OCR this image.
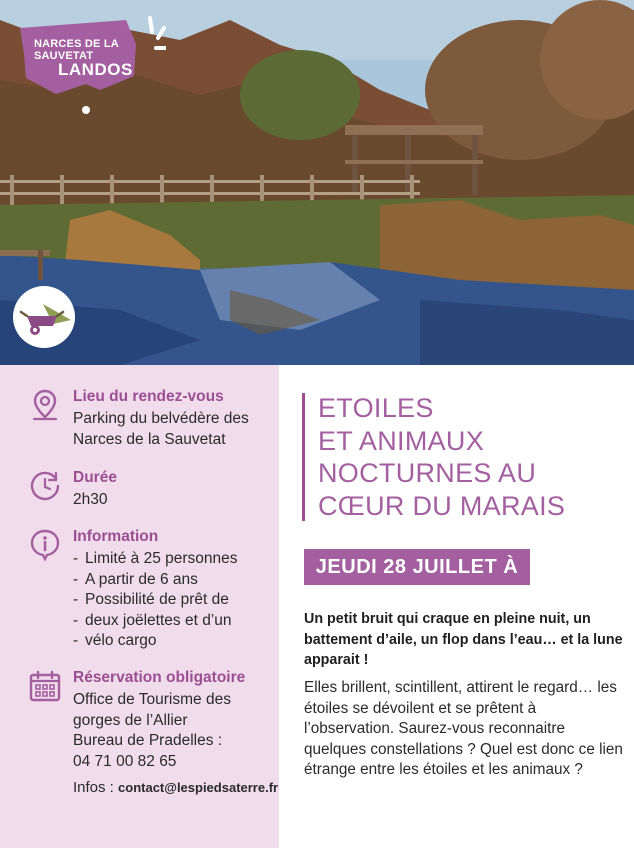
NARCES DE LA SAUVETAT
LANDOS
Lieu du rendez-vous
Parking du belvédère des
Narces de la Sauvetat
Durée
2h30
Information
- Limité à 25 personnes
- A partir de 6 ans
- Possibilité de prêt de
- deux joëlettes et d’un
- vélo cargo
Réservation obligatoire
Office de Tourisme des
gorges de l’Allier
Bureau de Pradelles :
04 71 00 82 65
Infos : contact@lespiedsaterre.fr
ETOILES
ET ANIMAUX
NOCTURNES AU
CŒUR DU MARAIS
JEUDI 28 JUILLET À 19H30
Un petit bruit qui craque en pleine nuit, un battement d’aile, un flop dans l’eau… et la lune apparait !
Elles brillent, scintillent, attirent le regard… les étoiles se dévoilent et se prêtent à l’observation. Saurez-vous reconnaitre quelques constellations ? Quel est donc ce lien étrange entre les étoiles et les animaux ?
